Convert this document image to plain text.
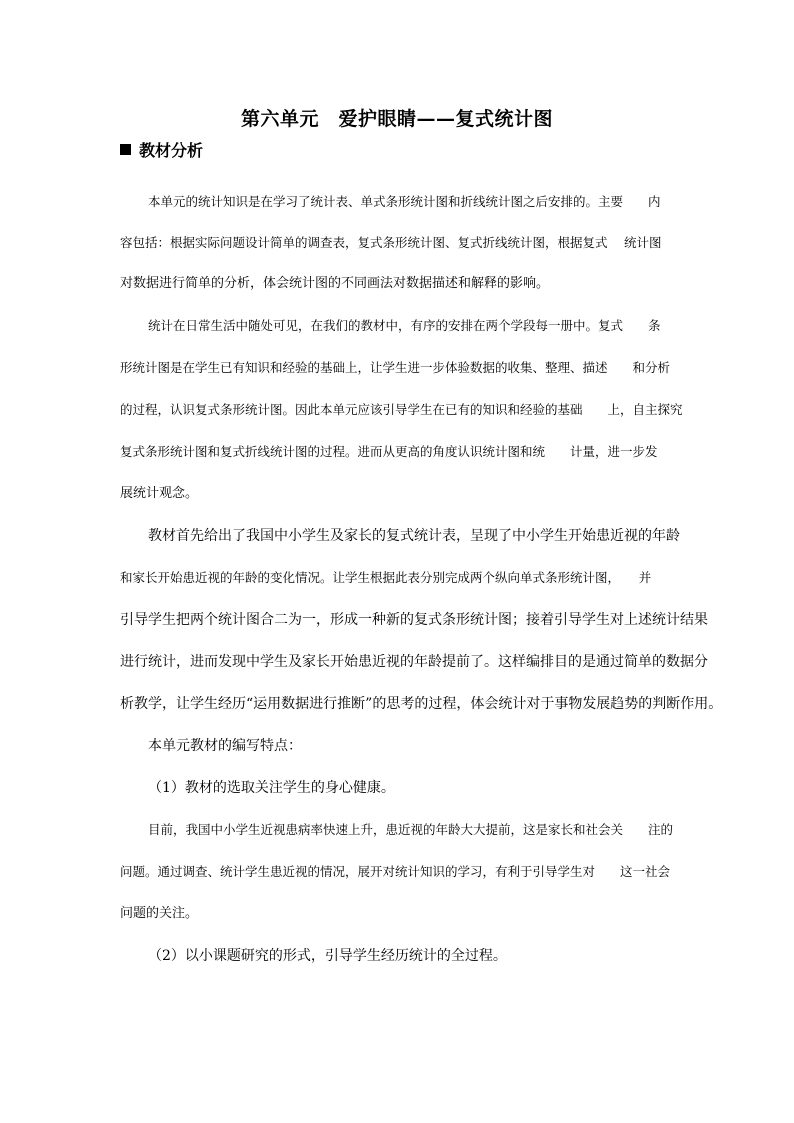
第六单元　爱护眼睛——复式统计图
教材分析
本单元的统计知识是在学习了统计表、单式条形统计图和折线统计图之后安排的。主要　　内
容包括：根据实际问题设计简单的调查表，复式条形统计图、复式折线统计图，根据复式　 统计图
对数据进行简单的分析，体会统计图的不同画法对数据描述和解释的影响。
统计在日常生活中随处可见，在我们的教材中，有序的安排在两个学段每一册中。复式　　条
形统计图是在学生已有知识和经验的基础上，让学生进一步体验数据的收集、整理、描述　　和分析
的过程，认识复式条形统计图。因此本单元应该引导学生在已有的知识和经验的基础　　上，自主探究
复式条形统计图和复式折线统计图的过程。进而从更高的角度认识统计图和统　　计量，进一步发
展统计观念。
教材首先给出了我国中小学生及家长的复式统计表，呈现了中小学生开始患近视的年龄
和家长开始患近视的年龄的变化情况。让学生根据此表分别完成两个纵向单式条形统计图，　　并
引导学生把两个统计图合二为一，形成一种新的复式条形统计图；接着引导学生对上述统计结果
进行统计，进而发现中学生及家长开始患近视的年龄提前了。这样编排目的是通过简单的数据分
析教学，让学生经历“运用数据进行推断”的思考的过程，体会统计对于事物发展趋势的判断作用。
本单元教材的编写特点：
（1）教材的选取关注学生的身心健康。
目前，我国中小学生近视患病率快速上升，患近视的年龄大大提前，这是家长和社会关　　注的
问题。通过调查、统计学生患近视的情况，展开对统计知识的学习，有利于引导学生对　　这一社会
问题的关注。
（2）以小课题研究的形式，引导学生经历统计的全过程。
